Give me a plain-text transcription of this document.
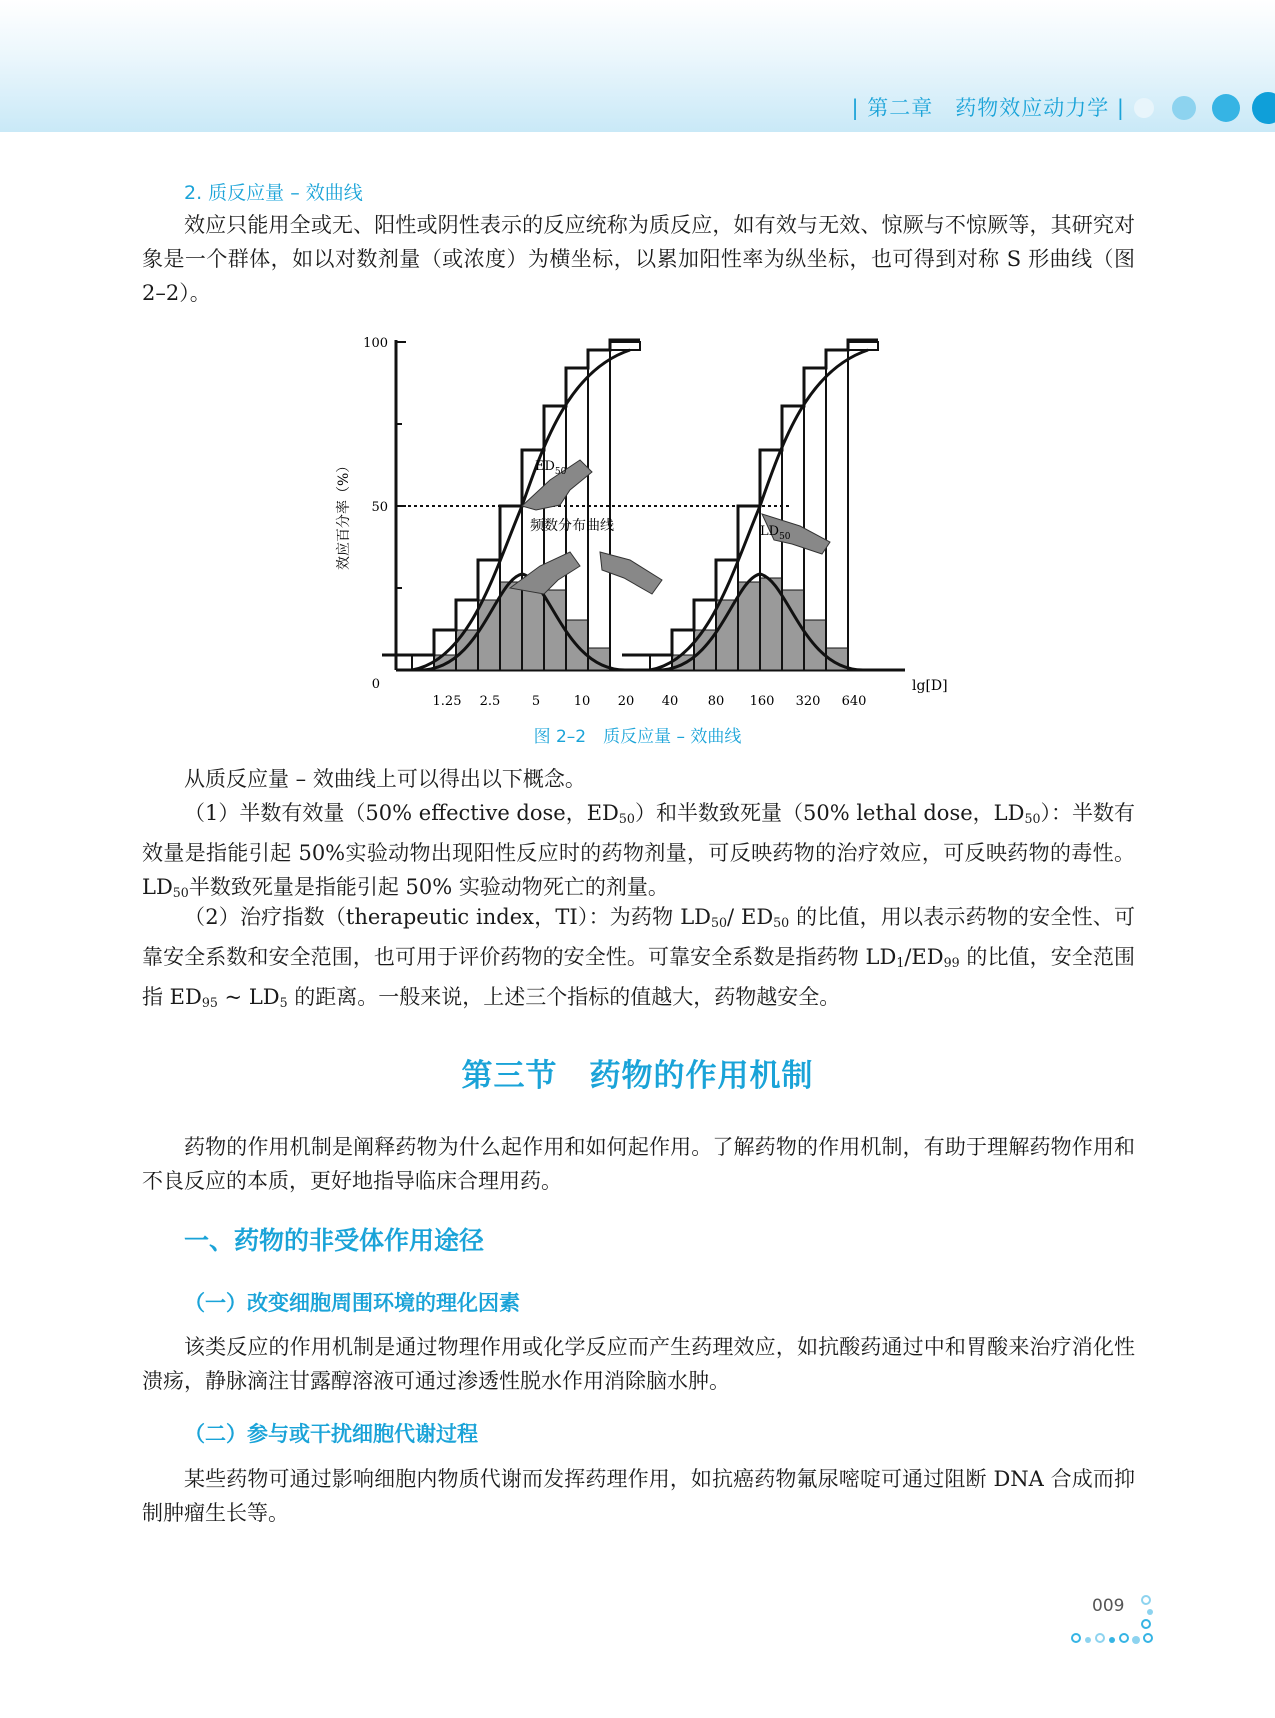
| 第二章　药物效应动力学 |

2. 质反应量 – 效曲线

效应只能用全或无、阳性或阴性表示的反应统称为质反应，如有效与无效、惊厥与不惊厥等，其研究对象是一个群体，如以对数剂量（或浓度）为横坐标，以累加阳性率为纵坐标，也可得到对称 S 形曲线（图 2–2）。

100
50
0
效应百分率（%）
lg[D]
1.25 2.5 5	10 20 40 80 160 320 640
$ED_{50}$
$LD_{50}$
频数分布曲线
图 2–2　质反应量 – 效曲线

从质反应量 – 效曲线上可以得出以下概念。

（1）半数有效量（50% effective dose，$ED_{50}$）和半数致死量（50% lethal dose，$LD_{50}$）：半数有效量是指能引起 50%实验动物出现阳性反应时的药物剂量，可反映药物的治疗效应，可反映药物的毒性。$LD_{50}$半数致死量是指能引起 50% 实验动物死亡的剂量。

（2）治疗指数（therapeutic index，TI）：为药物 $LD_{50}/$ $ED_{50}$ 的比值，用以表示药物的安全性、可靠安全系数和安全范围，也可用于评价药物的安全性。可靠安全系数是指药物 $LD_1/ED_{99}$ 的比值，安全范围指 $ED_{95}$ ~ $LD_5$ 的距离。一般来说，上述三个指标的值越大，药物越安全。

第三节　药物的作用机制

药物的作用机制是阐释药物为什么起作用和如何起作用。了解药物的作用机制，有助于理解药物作用和不良反应的本质，更好地指导临床合理用药。

一、药物的非受体作用途径
（一）改变细胞周围环境的理化因素

该类反应的作用机制是通过物理作用或化学反应而产生药理效应，如抗酸药通过中和胃酸来治疗消化性溃疡，静脉滴注甘露醇溶液可通过渗透性脱水作用消除脑水肿。

（二）参与或干扰细胞代谢过程

某些药物可通过影响细胞内物质代谢而发挥药理作用，如抗癌药物氟尿嘧啶可通过阻断 DNA 合成而抑制肿瘤生长等。

009
